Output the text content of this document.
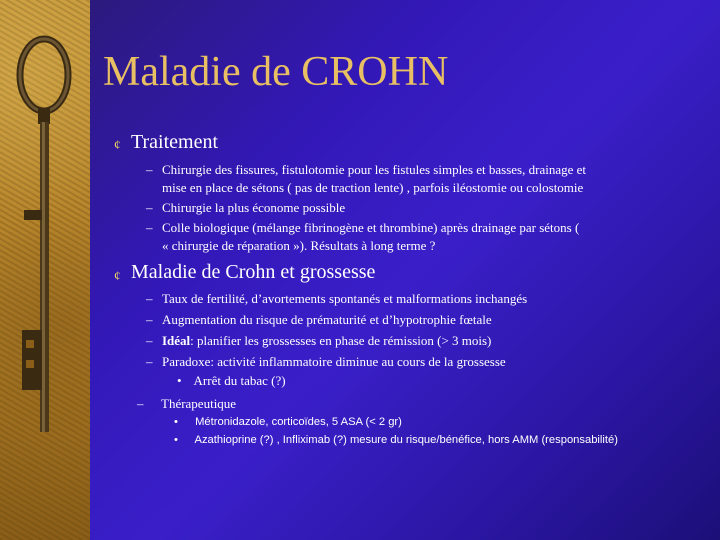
Maladie de CROHN
¢ Traitement
– Chirurgie des fissures, fistulotomie pour les fistules simples et basses, drainage et
mise en place de sétons ( pas de traction lente) , parfois iléostomie ou colostomie
– Chirurgie la plus économe possible
– Colle biologique (mélange fibrinogène et thrombine) après drainage par sétons (
« chirurgie de réparation »). Résultats à long terme ?
¢ Maladie de Crohn et grossesse
– Taux de fertilité, d’avortements spontanés et malformations inchangés
– Augmentation du risque de prématurité et d’hypotrophie fœtale
– Idéal: planifier les grossesses en phase de rémission (> 3 mois)
– Paradoxe: activité inflammatoire diminue au cours de la grossesse
• Arrêt du tabac (?)
–	Thérapeutique
• Métronidazole, corticoïdes, 5 ASA (< 2 gr)
• Azathioprine (?) , Infliximab (?) mesure du risque/bénéfice, hors AMM (responsabilité)
